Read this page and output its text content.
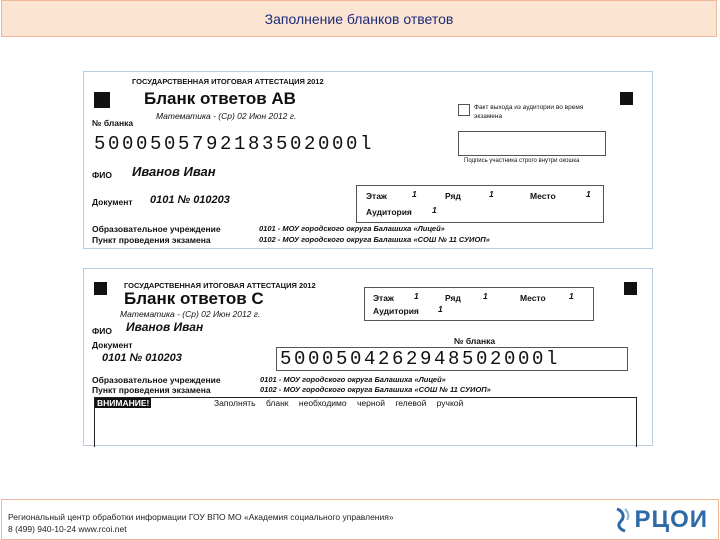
Заполнение бланков ответов
ГОСУДАРСТВЕННАЯ ИТОГОВАЯ АТТЕСТАЦИЯ 2012
Бланк ответов АВ
Математика - (Ср) 02 Июн 2012 г.
Факт выхода из аудитории во время экзамена
№ бланка
5000505792183502000l
Подпись участника строго внутри окошка
ФИО Иванов Иван
Этаж	1	Ряд	1	Место	1
Аудитория 1
Документ 0101 № 010203
Образовательное учреждение	0101 - МОУ городского округа Балашиха «Лицей»
Пункт проведения экзамена	0102 - МОУ городского округа Балашиха «СОШ № 11 СУИОП»
ГОСУДАРСТВЕННАЯ ИТОГОВАЯ АТТЕСТАЦИЯ 2012
Бланк ответов С
Математика - (Ср) 02 Июн 2012 г.
Этаж 1	Ряд	1	Место	1
Аудитория 1
ФИО Иванов Иван
Документ
0101 № 010203
№ бланка
5000504262948502000l
Образовательное учреждение	0101 - МОУ городского округа Балашиха «Лицей»
Пункт проведения экзамена	0102 - МОУ городского округа Балашиха «СОШ № 11 СУИОП»
ВНИМАНИЕ!	Заполнять бланк необходимо черной гелевой ручкой
Региональный центр обработки информации ГОУ ВПО МО «Академия социального управления»
8 (499) 940-10-24 www.rcoi.net	РЦОИ
